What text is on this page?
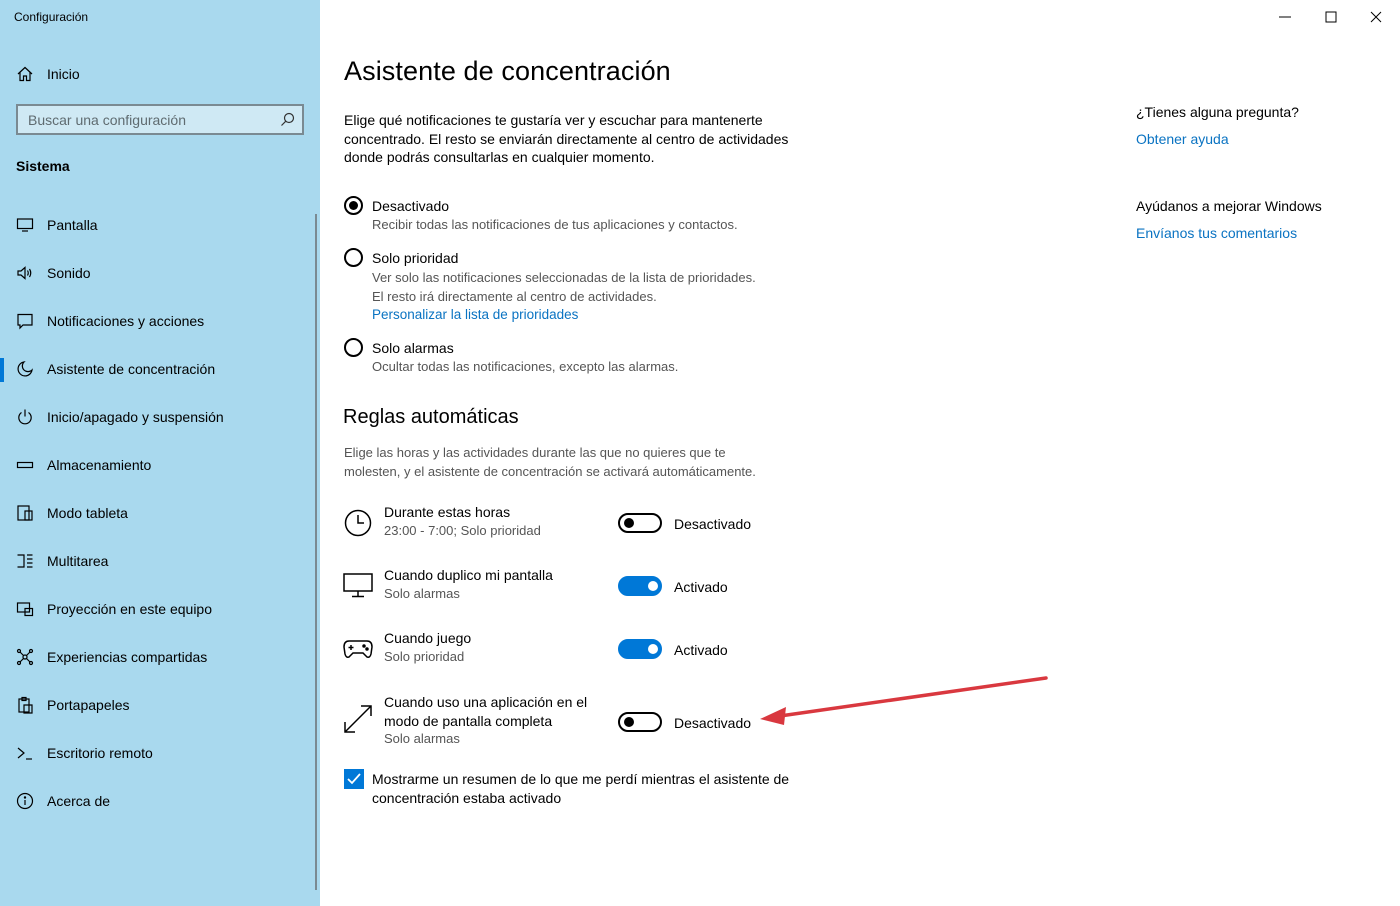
Configuración
Inicio
Buscar una configuración
Sistema
Pantalla
Sonido
Notificaciones y acciones
Asistente de concentración
Inicio/apagado y suspensión
Almacenamiento
Modo tableta
Multitarea
Proyección en este equipo
Experiencias compartidas
Portapapeles
Escritorio remoto
Acerca de
Asistente de concentración
Elige qué notificaciones te gustaría ver y escuchar para mantenerte
concentrado. El resto se enviarán directamente al centro de actividades
donde podrás consultarlas en cualquier momento.
Desactivado
Recibir todas las notificaciones de tus aplicaciones y contactos.
Solo prioridad
Ver solo las notificaciones seleccionadas de la lista de prioridades.
El resto irá directamente al centro de actividades.
Personalizar la lista de prioridades
Solo alarmas
Ocultar todas las notificaciones, excepto las alarmas.
Reglas automáticas
Elige las horas y las actividades durante las que no quieres que te
molesten, y el asistente de concentración se activará automáticamente.
Durante estas horas
23:00 - 7:00; Solo prioridad	Desactivado
Cuando duplico mi pantalla
Solo alarmas	Activado
Cuando juego
Solo prioridad	Activado
Cuando uso una aplicación en el
modo de pantalla completa
Solo alarmas
Desactivado
Mostrarme un resumen de lo que me perdí mientras el asistente de
concentración estaba activado
¿Tienes alguna pregunta?
Obtener ayuda
Ayúdanos a mejorar Windows
Envíanos tus comentarios
